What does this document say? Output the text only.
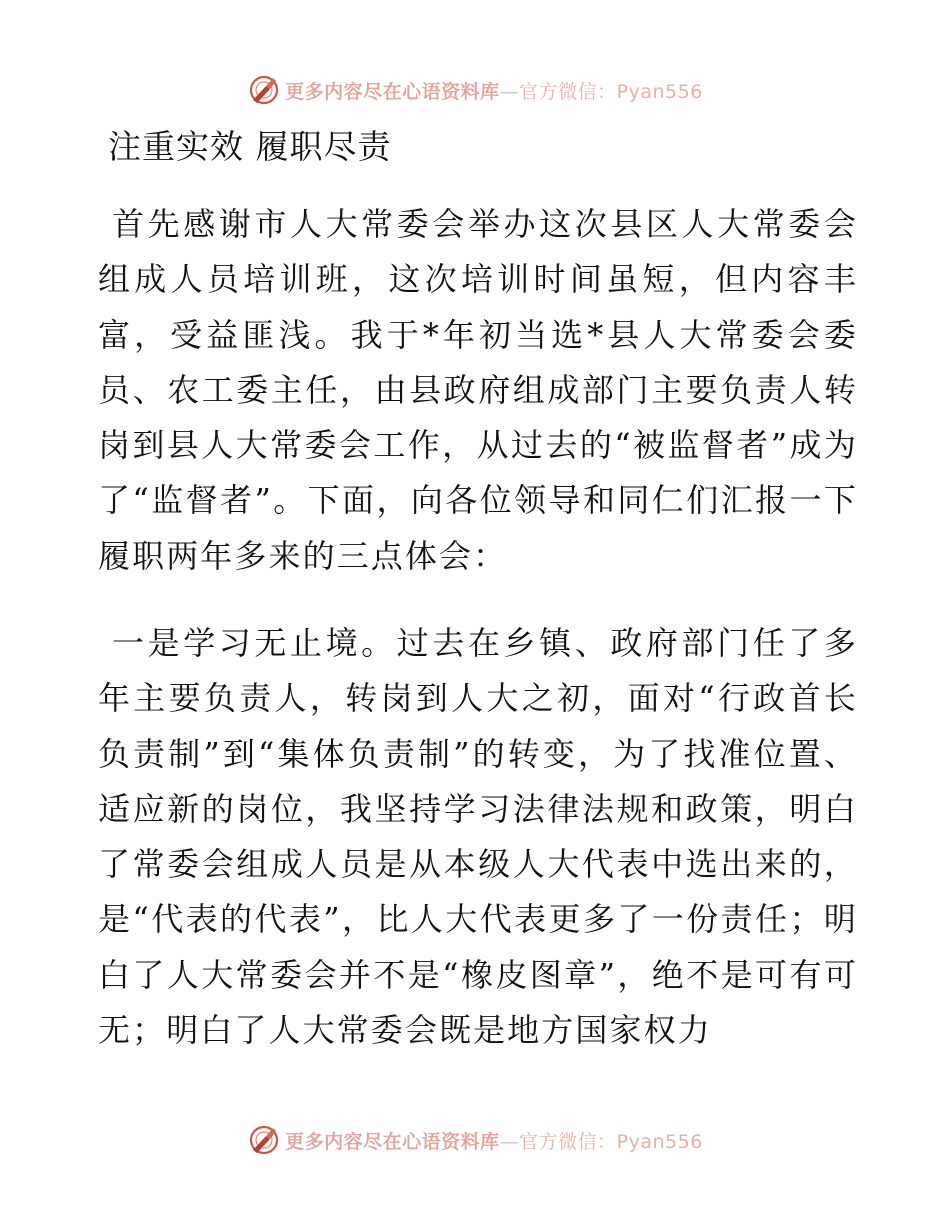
更多内容尽在心语资料库—官方微信：Pyan556
注重实效 履职尽责

首先感谢市人大常委会举办这次县区人大常委会组成人员培训班，这次培训时间虽短，但内容丰富，受益匪浅。我于*年初当选*县人大常委会委员、农工委主任，由县政府组成部门主要负责人转岗到县人大常委会工作，从过去的“被监督者”成为了“监督者”。下面，向各位领导和同仁们汇报一下履职两年多来的三点体会：

一是学习无止境。过去在乡镇、政府部门任了多年主要负责人，转岗到人大之初，面对“行政首长负责制”到“集体负责制”的转变，为了找准位置、适应新的岗位，我坚持学习法律法规和政策，明白了常委会组成人员是从本级人大代表中选出来的，是“代表的代表”，比人大代表更多了一份责任；明白了人大常委会并不是“橡皮图章”，绝不是可有可无；明白了人大常委会既是地方国家权力

更多内容尽在心语资料库—官方微信：Pyan556
